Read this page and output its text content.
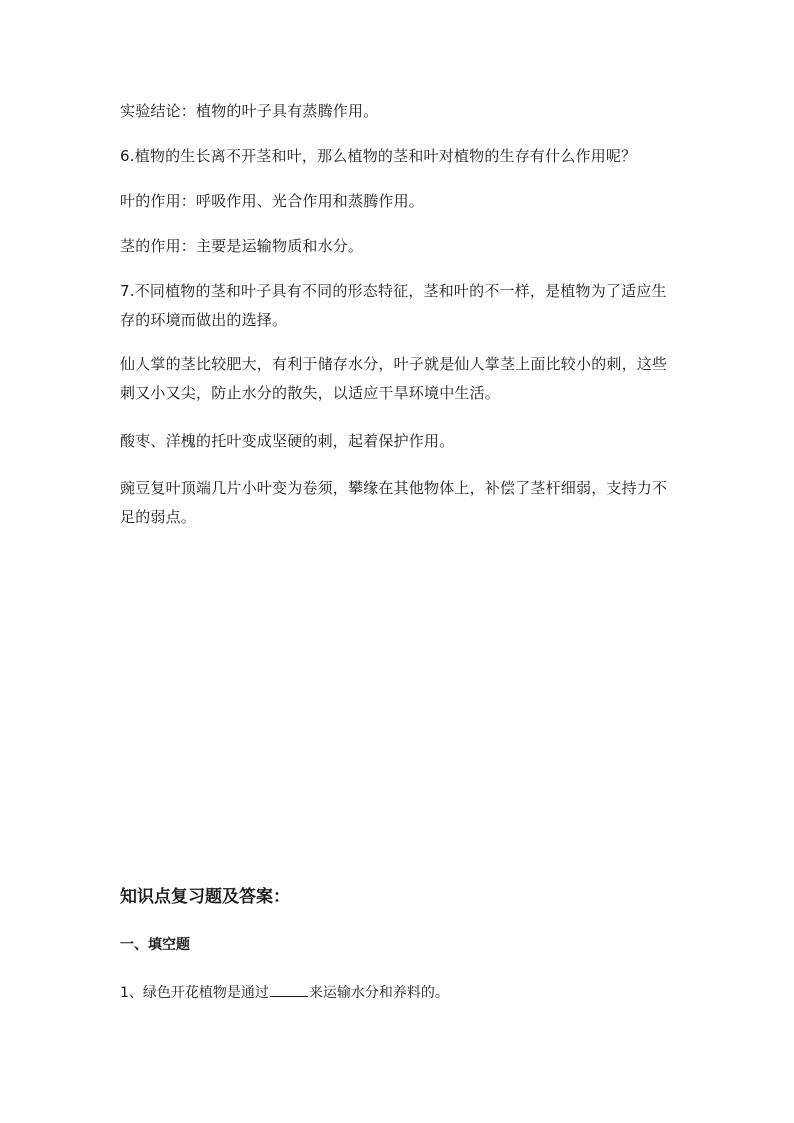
实验结论：植物的叶子具有蒸腾作用。

6.植物的生长离不开茎和叶，那么植物的茎和叶对植物的生存有什么作用呢？

叶的作用：呼吸作用、光合作用和蒸腾作用。

茎的作用：主要是运输物质和水分。

7.不同植物的茎和叶子具有不同的形态特征，茎和叶的不一样，是植物为了适应生存的环境而做出的选择。

仙人掌的茎比较肥大，有利于储存水分，叶子就是仙人掌茎上面比较小的刺，这些刺又小又尖，防止水分的散失，以适应干旱环境中生活。

酸枣、洋槐的托叶变成坚硬的刺，起着保护作用。

豌豆复叶顶端几片小叶变为卷须，攀缘在其他物体上，补偿了茎杆细弱，支持力不足的弱点。

知识点复习题及答案：
一、填空题

1、绿色开花植物是通过	来运输水分和养料的。
